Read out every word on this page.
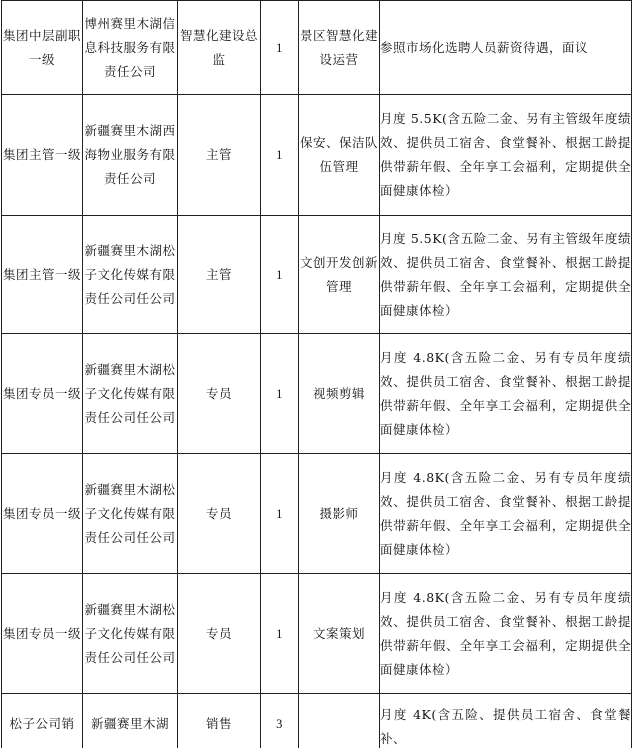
集团中层副职一级	博州赛里木湖信息科技服务有限责任公司	智慧化建设总监	1	景区智慧化建设运营	参照市场化选聘人员薪资待遇，面议
集团主管一级	新疆赛里木湖西海物业服务有限责任公司	主管	1	保安、保洁队伍管理	月度 5.5K(含五险二金、另有主管级年度绩效、提供员工宿舍、食堂餐补、根据工龄提供带薪年假、全年享工会福利，定期提供全面健康体检）
集团主管一级	新疆赛里木湖松子文化传媒有限责任公司任公司	主管	1	文创开发创新管理	月度 5.5K(含五险二金、另有主管级年度绩效、提供员工宿舍、食堂餐补、根据工龄提供带薪年假、全年享工会福利，定期提供全面健康体检）
集团专员一级	新疆赛里木湖松子文化传媒有限责任公司任公司	专员	1	视频剪辑	月度 4.8K(含五险二金、另有专员年度绩效、提供员工宿舍、食堂餐补、根据工龄提供带薪年假、全年享工会福利，定期提供全面健康体检）
集团专员一级	新疆赛里木湖松子文化传媒有限责任公司任公司	专员	1	摄影师	月度 4.8K(含五险二金、另有专员年度绩效、提供员工宿舍、食堂餐补、根据工龄提供带薪年假、全年享工会福利，定期提供全面健康体检）
集团专员一级	新疆赛里木湖松子文化传媒有限责任公司任公司	专员	1	文案策划	月度 4.8K(含五险二金、另有专员年度绩效、提供员工宿舍、食堂餐补、根据工龄提供带薪年假、全年享工会福利，定期提供全面健康体检）
松子公司销	新疆赛里木湖	销售	3		月度 4K(含五险、提供员工宿舍、食堂餐补、
